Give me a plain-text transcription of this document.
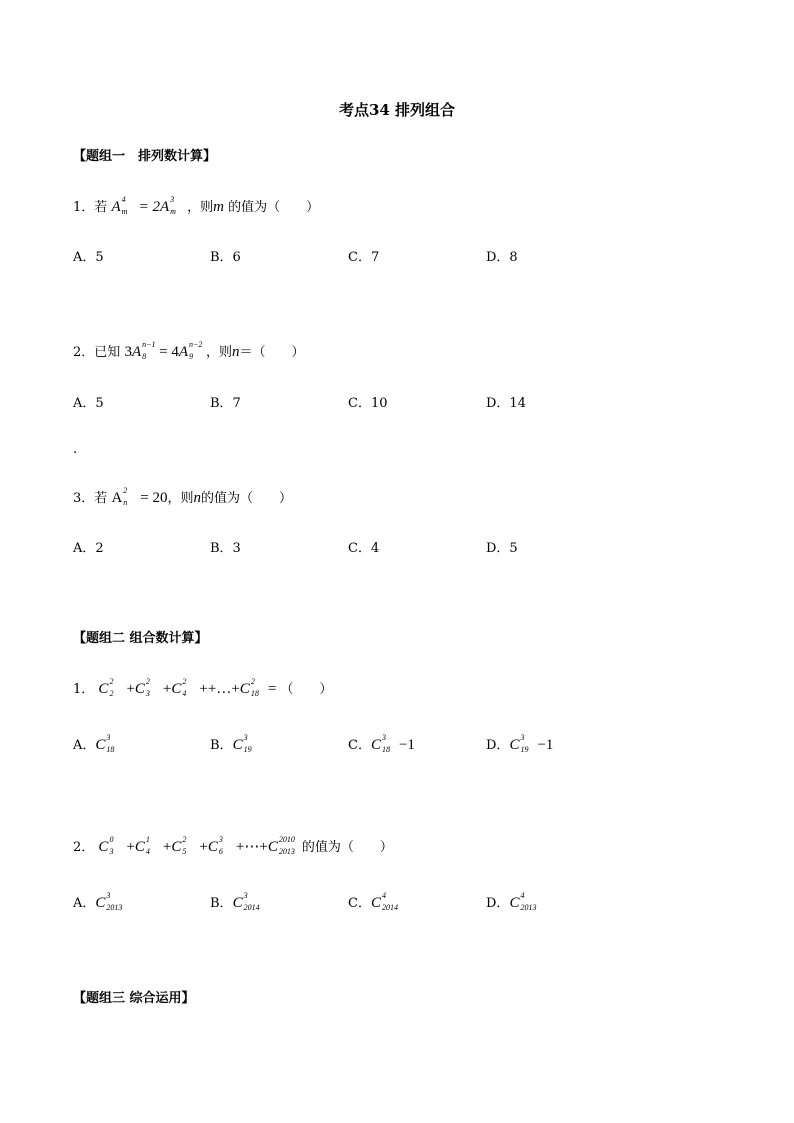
考点34 排列组合
【题组一　排列数计算】
1．若 A 4
m = 2A 3
m ，则m 的值为（　　）
A．5	B．6	C．7	D．8
2．已知 3A n−1
8 = 4A n−2
9 ，则n＝（　　）
A．5	B．7	C．10	D．14
.
3．若 A 2
n = 20，则n的值为（　　）
A．2	B．3	C．4	D．5
【题组二 组合数计算】
1． C 2
2 +C 2
3 +C 2
4 ++…+C 2
18 = （　　）
A．C 3
18	B．C 3
19	C．C 3
18 −1	D．C 3
19 −1
2． C 0
3 +C 1
4 +C 2
5 +C 3
6 +⋯+C 2010
2013 的值为（　　）
A．C 3
2013	B．C 3
2014	C．C 4
2014	D．C 4
2013
【题组三 综合运用】
